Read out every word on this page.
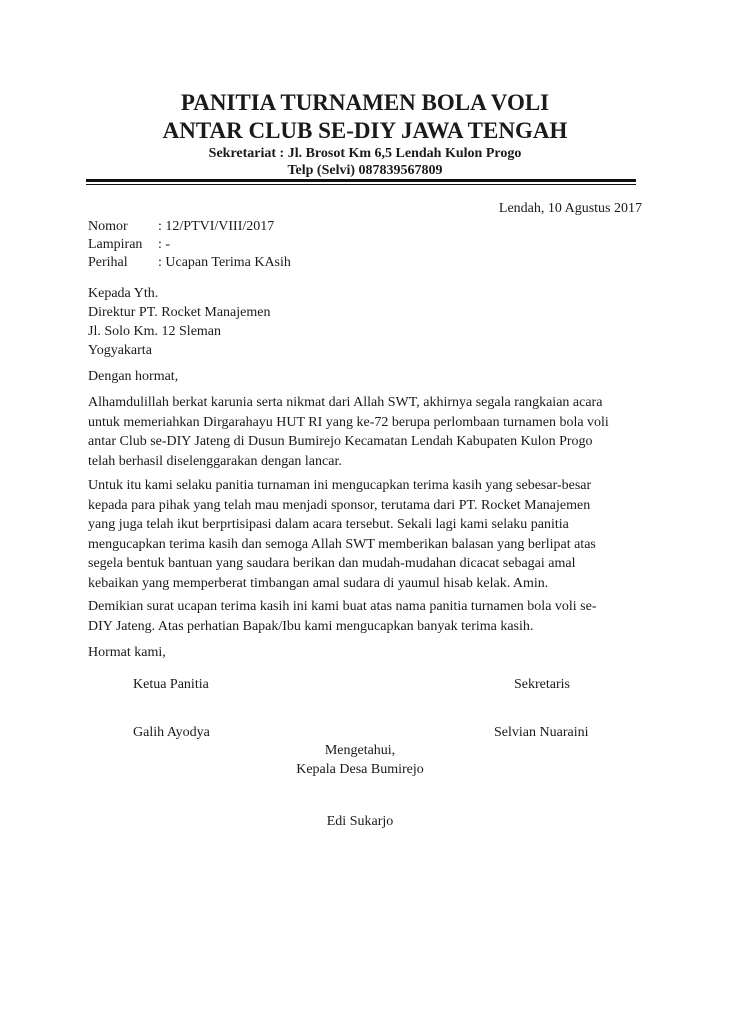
PANITIA TURNAMEN BOLA VOLI
ANTAR CLUB SE-DIY JAWA TENGAH
Sekretariat : Jl. Brosot Km 6,5 Lendah Kulon Progo
Telp (Selvi) 087839567809
Lendah, 10 Agustus 2017
Nomor : 12/PTVI/VIII/2017
Lampiran : -
Perihal : Ucapan Terima KAsih
Kepada Yth.
Direktur PT. Rocket Manajemen
Jl. Solo Km. 12 Sleman
Yogyakarta
Dengan hormat,
Alhamdulillah berkat karunia serta nikmat dari Allah SWT, akhirnya segala rangkaian acara
untuk memeriahkan Dirgarahayu HUT RI yang ke-72 berupa perlombaan turnamen bola voli
antar Club se-DIY Jateng di Dusun Bumirejo Kecamatan Lendah Kabupaten Kulon Progo
telah berhasil diselenggarakan dengan lancar.
Untuk itu kami selaku panitia turnaman ini mengucapkan terima kasih yang sebesar-besar
kepada para pihak yang telah mau menjadi sponsor, terutama dari PT. Rocket Manajemen
yang juga telah ikut berprtisipasi dalam acara tersebut. Sekali lagi kami selaku panitia
mengucapkan terima kasih dan semoga Allah SWT memberikan balasan yang berlipat atas
segela bentuk bantuan yang saudara berikan dan mudah-mudahan dicacat sebagai amal
kebaikan yang memperberat timbangan amal sudara di yaumul hisab kelak. Amin.
Demikian surat ucapan terima kasih ini kami buat atas nama panitia turnamen bola voli se-
DIY Jateng. Atas perhatian Bapak/Ibu kami mengucapkan banyak terima kasih.
Hormat kami,
Ketua Panitia	Sekretaris
Galih Ayodya	Selvian Nuaraini
Mengetahui,
Kepala Desa Bumirejo
Edi Sukarjo
